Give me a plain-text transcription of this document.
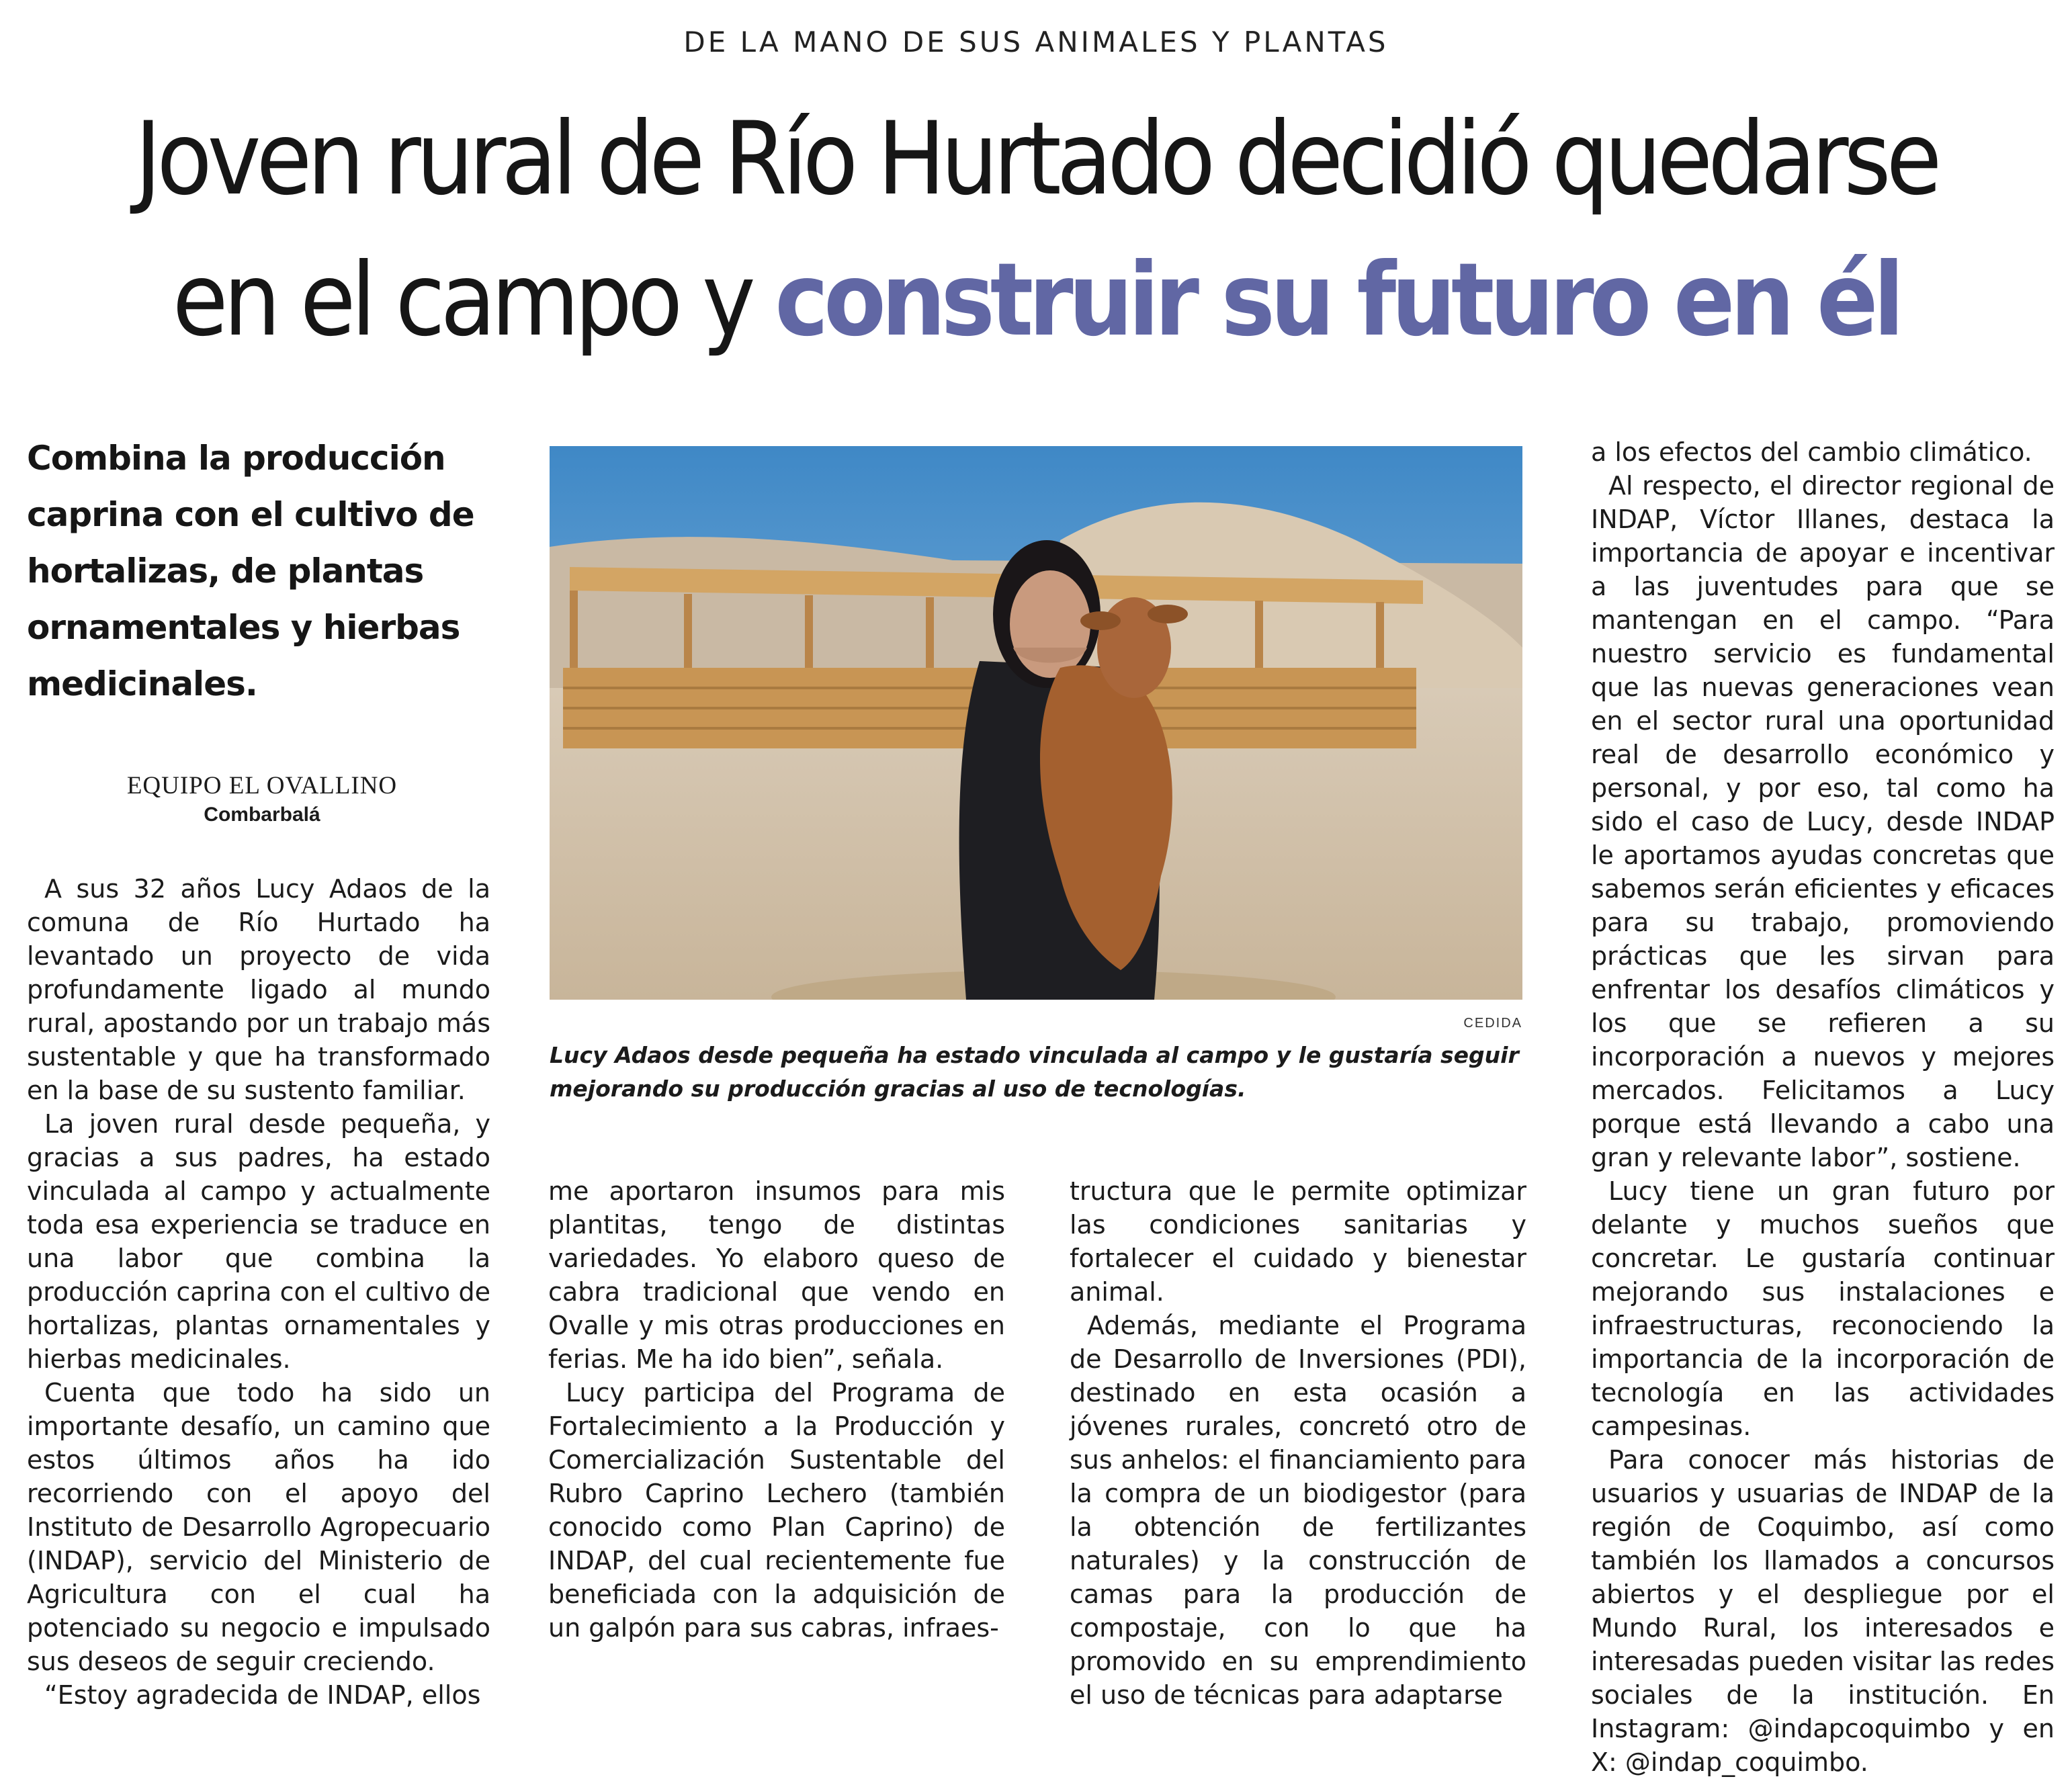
DE LA MANO DE SUS ANIMALES Y PLANTAS
Joven rural de Río Hurtado decidió quedarse
en el campo y construir su futuro en él

Combina la producción caprina con el cultivo de hortalizas, de plantas ornamentales y hierbas medicinales.

EQUIPO EL OVALLINO
Combarbalá

A sus 32 años Lucy Adaos de la comuna de Río Hurtado ha levantado un proyecto de vida profundamente ligado al mundo rural, apostando por un trabajo más sustentable y que ha transformado en la base de su sustento familiar.

La joven rural desde pequeña, y gracias a sus padres, ha estado vinculada al campo y actualmente toda esa experiencia se traduce en una labor que combina la producción caprina con el cultivo de hortalizas, plantas ornamentales y hierbas medicinales.

Cuenta que todo ha sido un importante desafío, un camino que estos últimos años ha ido recorriendo con el apoyo del Instituto de Desarrollo Agropecuario (INDAP), servicio del Ministerio de Agricultura con el cual ha potenciado su negocio e impulsado sus deseos de seguir creciendo.

“Estoy agradecida de INDAP, ellos

CEDIDA

Lucy Adaos desde pequeña ha estado vinculada al campo y le gustaría seguir mejorando su producción gracias al uso de tecnologías.

me aportaron insumos para mis plantitas, tengo de distintas variedades. Yo elaboro queso de cabra tradicional que vendo en Ovalle y mis otras producciones en ferias. Me ha ido bien”, señala.

Lucy participa del Programa de Fortalecimiento a la Producción y Comercialización Sustentable del Rubro Caprino Lechero (también conocido como Plan Caprino) de INDAP, del cual recientemente fue beneficiada con la adquisición de un galpón para sus cabras, infraes-

tructura que le permite optimizar las condiciones sanitarias y fortalecer el cuidado y bienestar animal.

Además, mediante el Programa de Desarrollo de Inversiones (PDI), destinado en esta ocasión a jóvenes rurales, concretó otro de sus anhelos: el financiamiento para la compra de un biodigestor (para la obtención de fertilizantes naturales) y la construcción de camas para la producción de compostaje, con lo que ha promovido en su emprendimiento el uso de técnicas para adaptarse

a los efectos del cambio climático.

Al respecto, el director regional de INDAP, Víctor Illanes, destaca la importancia de apoyar e incentivar a las juventudes para que se mantengan en el campo. “Para nuestro servicio es fundamental que las nuevas generaciones vean en el sector rural una oportunidad real de desarrollo económico y personal, y por eso, tal como ha sido el caso de Lucy, desde INDAP le aportamos ayudas concretas que sabemos serán eficientes y eficaces para su trabajo, promoviendo prácticas que les sirvan para enfrentar los desafíos climáticos y los que se refieren a su incorporación a nuevos y mejores mercados. Felicitamos a Lucy porque está llevando a cabo una gran y relevante labor”, sostiene.

Lucy tiene un gran futuro por delante y muchos sueños que concretar. Le gustaría continuar mejorando sus instalaciones e infraestructuras, reconociendo la importancia de la incorporación de tecnología en las actividades campesinas.

Para conocer más historias de usuarios y usuarias de INDAP de la región de Coquimbo, así como también los llamados a concursos abiertos y el despliegue por el Mundo Rural, los interesados e interesadas pueden visitar las redes sociales de la institución. En Instagram: @indapcoquimbo y en X: @indap_coquimbo.
